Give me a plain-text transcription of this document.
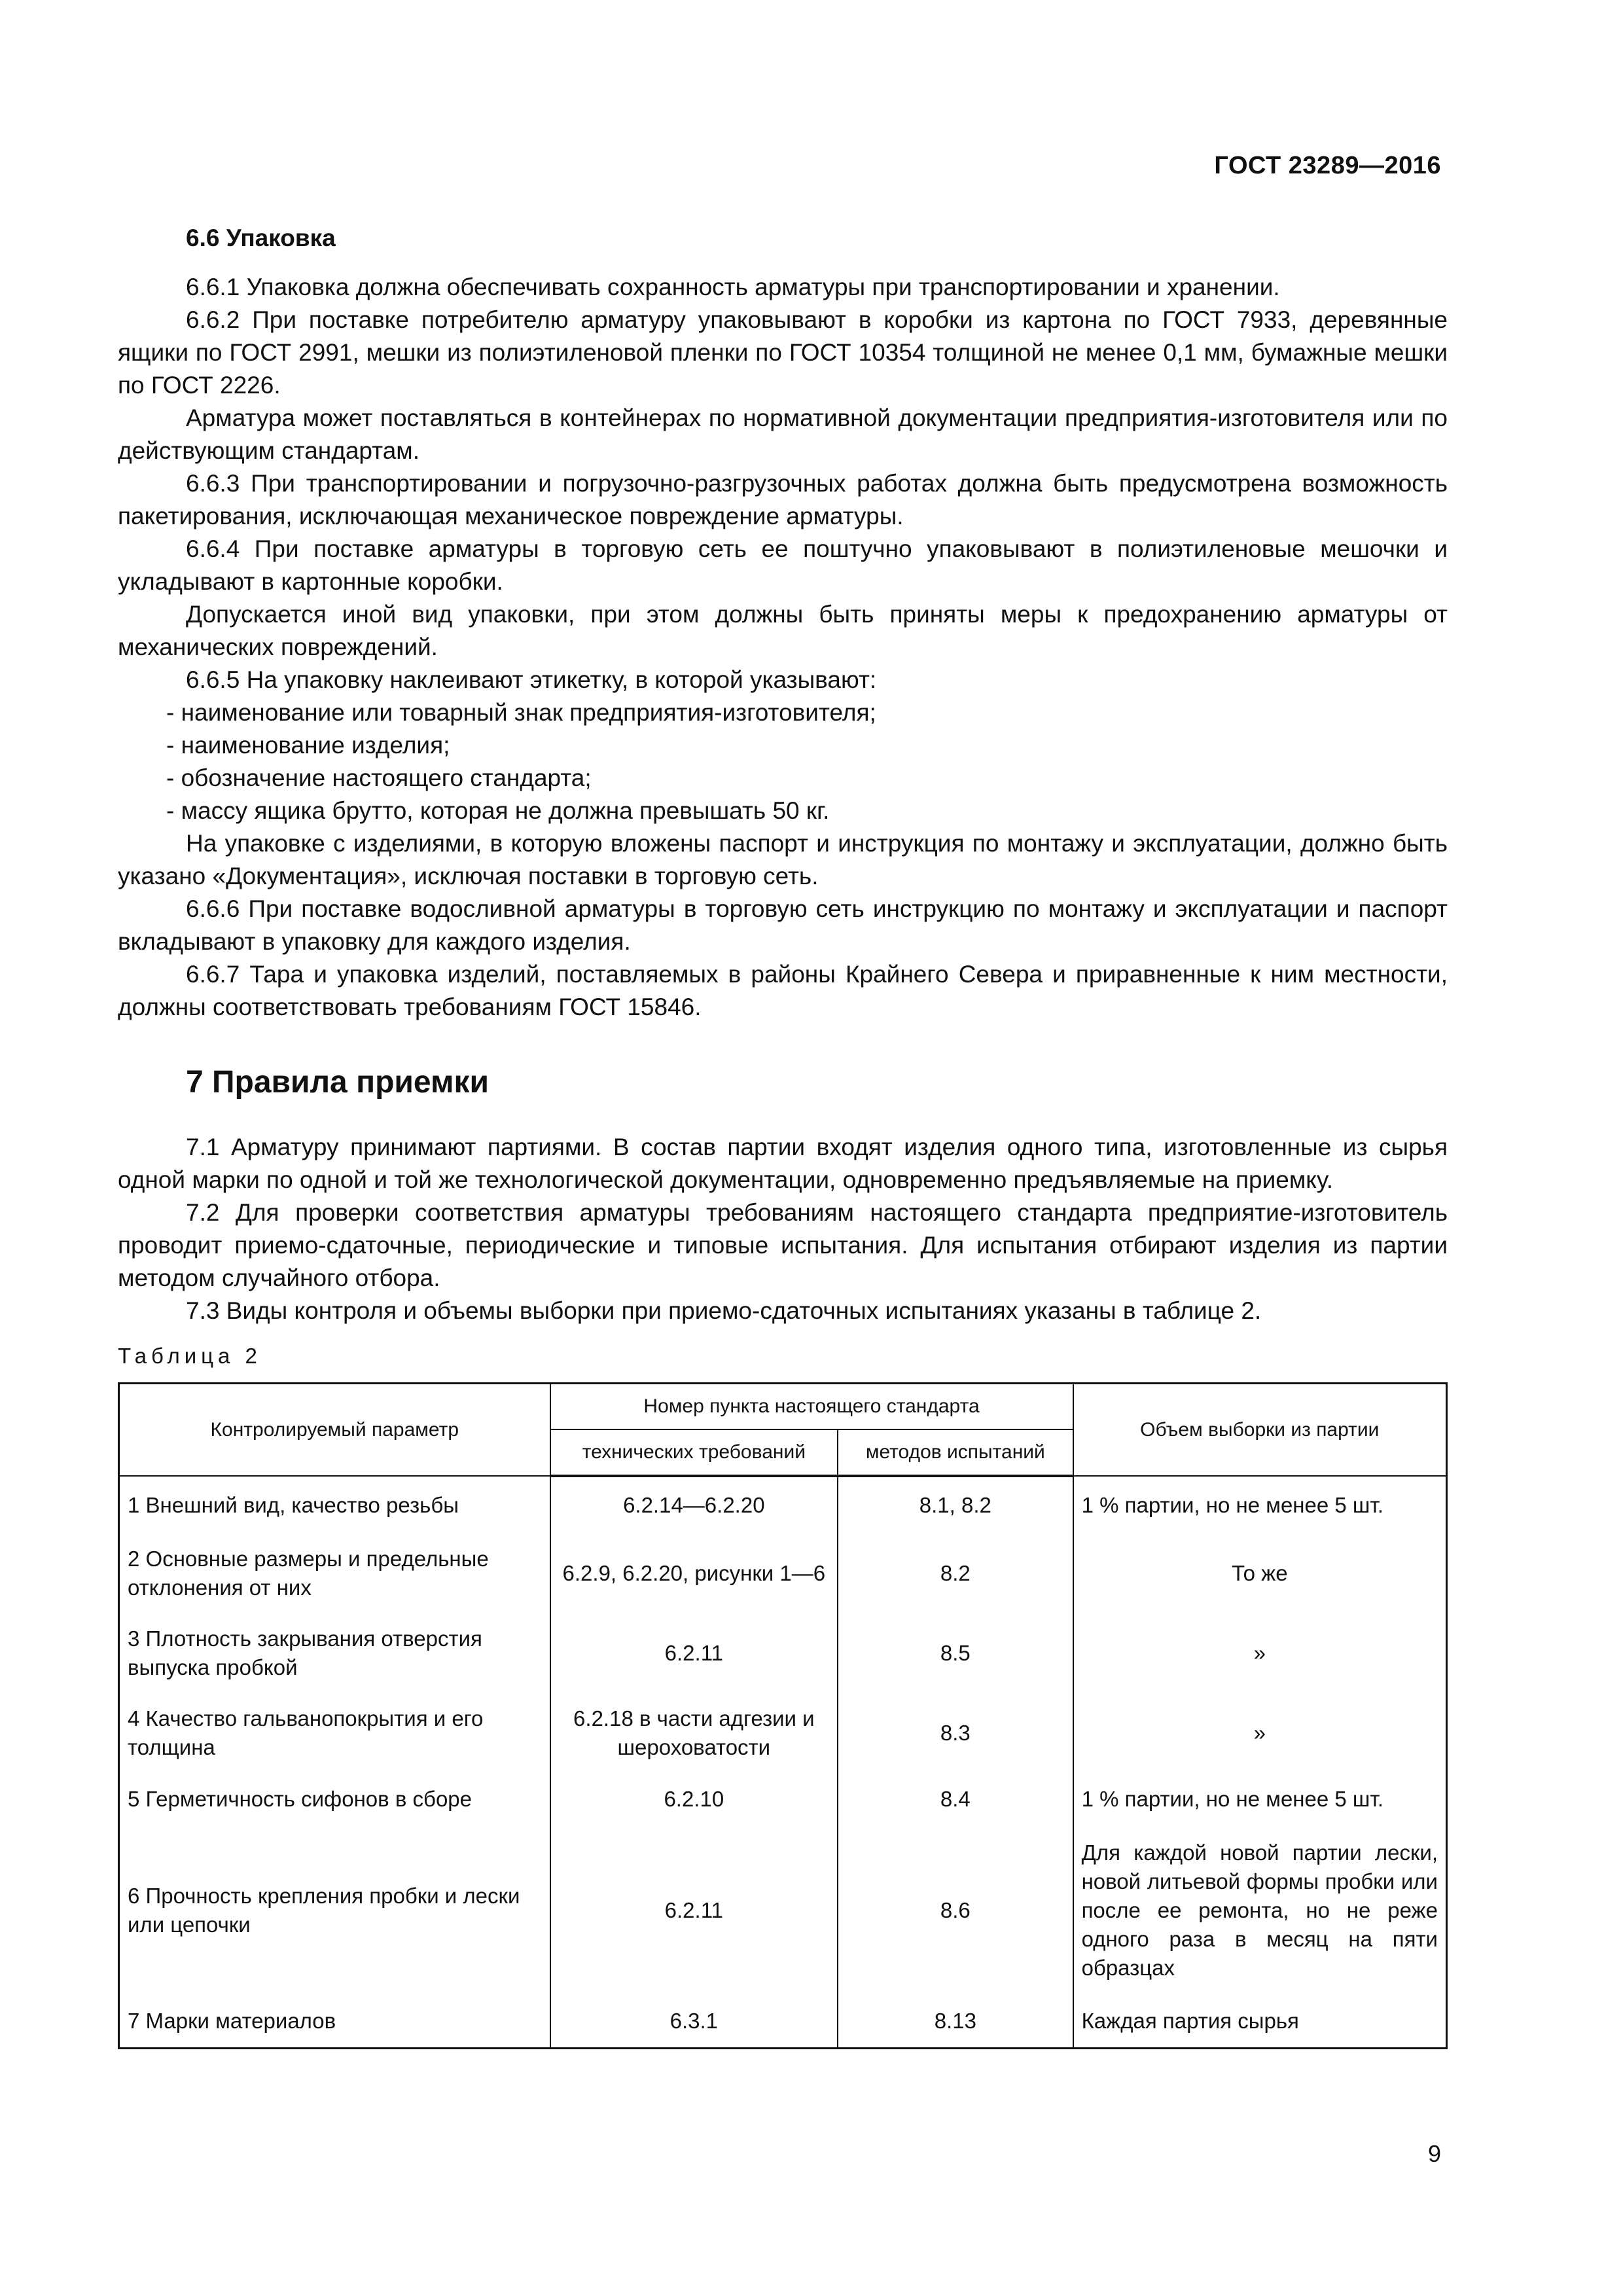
ГОСТ 23289—2016
6.6 Упаковка

6.6.1 Упаковка должна обеспечивать сохранность арматуры при транспортировании и хранении.

6.6.2 При поставке потребителю арматуру упаковывают в коробки из картона по ГОСТ 7933, деревянные ящики по ГОСТ 2991, мешки из полиэтиленовой пленки по ГОСТ 10354 толщиной не менее 0,1 мм, бумажные мешки по ГОСТ 2226.

Арматура может поставляться в контейнерах по нормативной документации предприятия-изготовителя или по действующим стандартам.

6.6.3 При транспортировании и погрузочно-разгрузочных работах должна быть предусмотрена возможность пакетирования, исключающая механическое повреждение арматуры.

6.6.4 При поставке арматуры в торговую сеть ее поштучно упаковывают в полиэтиленовые мешочки и укладывают в картонные коробки.

Допускается иной вид упаковки, при этом должны быть приняты меры к предохранению арматуры от механических повреждений.

6.6.5 На упаковку наклеивают этикетку, в которой указывают:

- наименование или товарный знак предприятия-изготовителя;

- наименование изделия;

- обозначение настоящего стандарта;

- массу ящика брутто, которая не должна превышать 50 кг.

На упаковке с изделиями, в которую вложены паспорт и инструкция по монтажу и эксплуатации, должно быть указано «Документация», исключая поставки в торговую сеть.

6.6.6 При поставке водосливной арматуры в торговую сеть инструкцию по монтажу и эксплуатации и паспорт вкладывают в упаковку для каждого изделия.

6.6.7 Тара и упаковка изделий, поставляемых в районы Крайнего Севера и приравненные к ним местности, должны соответствовать требованиям ГОСТ 15846.

7 Правила приемки

7.1 Арматуру принимают партиями. В состав партии входят изделия одного типа, изготовленные из сырья одной марки по одной и той же технологической документации, одновременно предъявляемые на приемку.

7.2 Для проверки соответствия арматуры требованиям настоящего стандарта предприятие-изготовитель проводит приемо-сдаточные, периодические и типовые испытания. Для испытания отбирают изделия из партии методом случайного отбора.

7.3 Виды контроля и объемы выборки при приемо-сдаточных испытаниях указаны в таблице 2.

Таблица 2
Контролируемый параметр	Номер пункта настоящего стандарта		Объем выборки из партии
	технических требований	методов испытаний	
1 Внешний вид, качество резьбы	6.2.14—6.2.20	8.1, 8.2	1 % партии, но не менее 5 шт.
2 Основные размеры и предельные отклонения от них	6.2.9, 6.2.20, рисунки 1—6	8.2	То же
3 Плотность закрывания отверстия выпуска пробкой	6.2.11	8.5	»
4 Качество гальванопокрытия и его толщина	6.2.18 в части адгезии и шероховатости	8.3	»
5 Герметичность сифонов в сборе	6.2.10	8.4	1 % партии, но не менее 5 шт.
6 Прочность крепления пробки и лески или цепочки	6.2.11	8.6	Для каждой новой партии лески, новой литьевой формы пробки или после ее ремонта, но не реже одного раза в месяц на пяти образцах
7 Марки материалов	6.3.1	8.13	Каждая партия сырья
9
